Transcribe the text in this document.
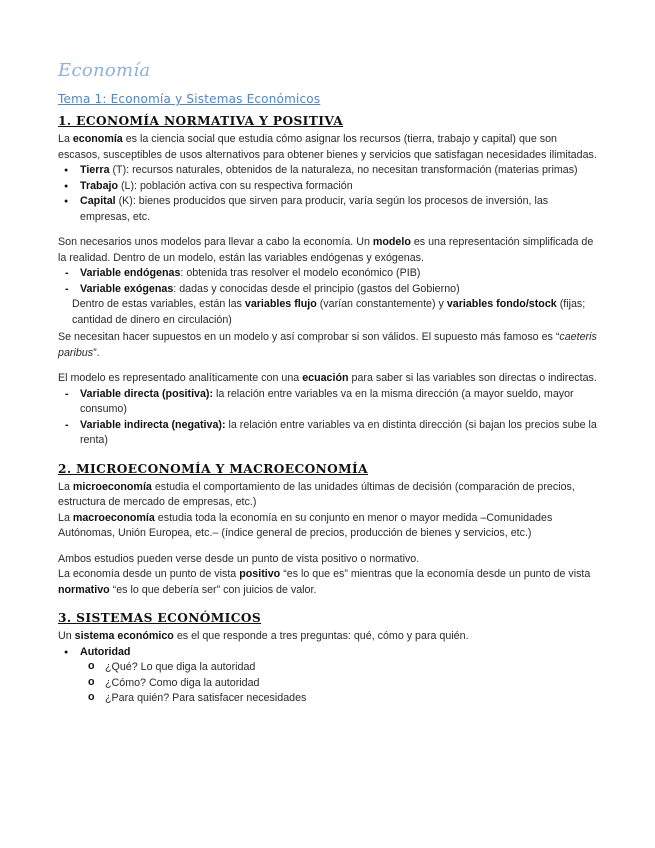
Economía
Tema 1: Economía y Sistemas Económicos
1. ECONOMÍA NORMATIVA Y POSITIVA

La economía es la ciencia social que estudia cómo asignar los recursos (tierra, trabajo y capital) que son escasos, susceptibles de usos alternativos para obtener bienes y servicios que satisfagan necesidades ilimitadas.

● Tierra (T): recursos naturales, obtenidos de la naturaleza, no necesitan transformación (materias primas)
● Trabajo (L): población activa con su respectiva formación
● Capital (K): bienes producidos que sirven para producir, varía según los procesos de inversión, las empresas, etc.

Son necesarios unos modelos para llevar a cabo la economía. Un modelo es una representación simplificada de la realidad. Dentro de un modelo, están las variables endógenas y exógenas.

- Variable endógenas: obtenida tras resolver el modelo económico (PIB)
- Variable exógenas: dadas y conocidas desde el principio (gastos del Gobierno)

Dentro de estas variables, están las variables flujo (varían constantemente) y variables fondo/stock (fijas; cantidad de dinero en circulación)

Se necesitan hacer supuestos en un modelo y así comprobar si son válidos. El supuesto más famoso es “caeteris paribus”.

El modelo es representado analíticamente con una ecuación para saber si las variables son directas o indirectas.

- Variable directa (positiva): la relación entre variables va en la misma dirección (a mayor sueldo, mayor consumo)
- Variable indirecta (negativa): la relación entre variables va en distinta dirección (si bajan los precios sube la renta)
2. MICROECONOMÍA Y MACROECONOMÍA

La microeconomía estudia el comportamiento de las unidades últimas de decisión (comparación de precios, estructura de mercado de empresas, etc.)

La macroeconomía estudia toda la economía en su conjunto en menor o mayor medida –Comunidades Autónomas, Unión Europea, etc.– (índice general de precios, producción de bienes y servicios, etc.)

Ambos estudios pueden verse desde un punto de vista positivo o normativo.

La economía desde un punto de vista positivo “es lo que es” mientras que la economía desde un punto de vista normativo “es lo que debería ser” con juicios de valor.

3. SISTEMAS ECONÓMICOS

Un sistema económico es el que responde a tres preguntas: qué, cómo y para quién.

● Autoridad
o ¿Qué? Lo que diga la autoridad
o ¿Cómo? Como diga la autoridad
o ¿Para quién? Para satisfacer necesidades
